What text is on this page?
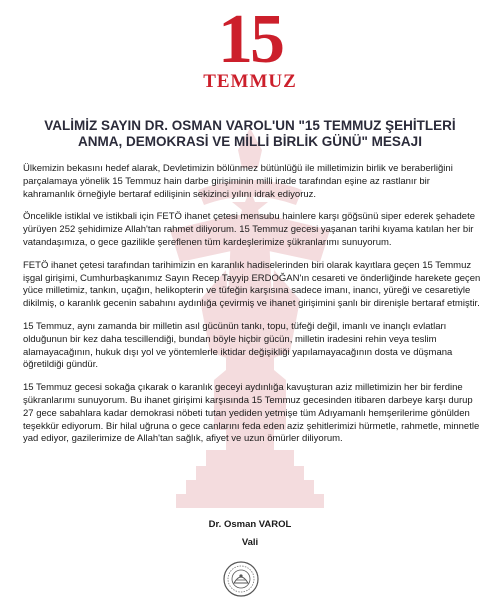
15
TEMMUZ
VALİMİZ SAYIN DR. OSMAN VAROL'UN "15 TEMMUZ ŞEHİTLERİ
ANMA, DEMOKRASİ VE MİLLİ BİRLİK GÜNÜ" MESAJI

Ülkemizin bekasını hedef alarak, Devletimizin bölünmez bütünlüğü ile milletimizin birlik ve beraberliğini parçalamaya yönelik 15 Temmuz hain darbe girişiminin milli irade tarafından eşine az rastlanır bir kahramanlık örneğiyle bertaraf edilişinin sekizinci yılını idrak ediyoruz.

Öncelikle istiklal ve istikbali için FETÖ ihanet çetesi mensubu hainlere karşı göğsünü siper ederek şehadete yürüyen 252 şehidimize Allah'tan rahmet diliyorum. 15 Temmuz gecesi yaşanan tarihi kıyama katılan her bir vatandaşımıza, o gece gazilikle şereflenen tüm kardeşlerimize şükranlarımı sunuyorum.

FETÖ ihanet çetesi tarafından tarihimizin en karanlık hadiselerinden biri olarak kayıtlara geçen 15 Temmuz işgal girişimi, Cumhurbaşkanımız Sayın Recep Tayyip ERDOĞAN'ın cesareti ve önderliğinde harekete geçen yüce milletimiz, tankın, uçağın, helikopterin ve tüfeğin karşısına sadece imanı, inancı, yüreği ve cesaretiyle dikilmiş, o karanlık gecenin sabahını aydınlığa çevirmiş ve ihanet girişimini şanlı bir direnişle bertaraf etmiştir.

15 Temmuz, aynı zamanda bir milletin asıl gücünün tankı, topu, tüfeği değil, imanlı ve inançlı evlatları olduğunun bir kez daha tescillendiği, bundan böyle hiçbir gücün, milletin iradesini rehin veya teslim alamayacağının, hukuk dışı yol ve yöntemlerle iktidar değişikliği yapılamayacağının dosta ve düşmana öğretildiği gündür.

15 Temmuz gecesi sokağa çıkarak o karanlık geceyi aydınlığa kavuşturan aziz milletimizin her bir ferdine şükranlarımı sunuyorum. Bu ihanet girişimi karşısında 15 Temmuz gecesinden itibaren darbeye karşı durup 27 gece sabahlara kadar demokrasi nöbeti tutan yediden yetmişe tüm Adıyamanlı hemşerilerime gönülden teşekkür ediyorum. Bir hilal uğruna o gece canlarını feda eden aziz şehitlerimizi hürmetle, rahmetle, minnetle yad ediyor, gazilerimize de Allah'tan sağlık, afiyet ve uzun ömürler diliyorum.

Dr. Osman VAROL

Vali
